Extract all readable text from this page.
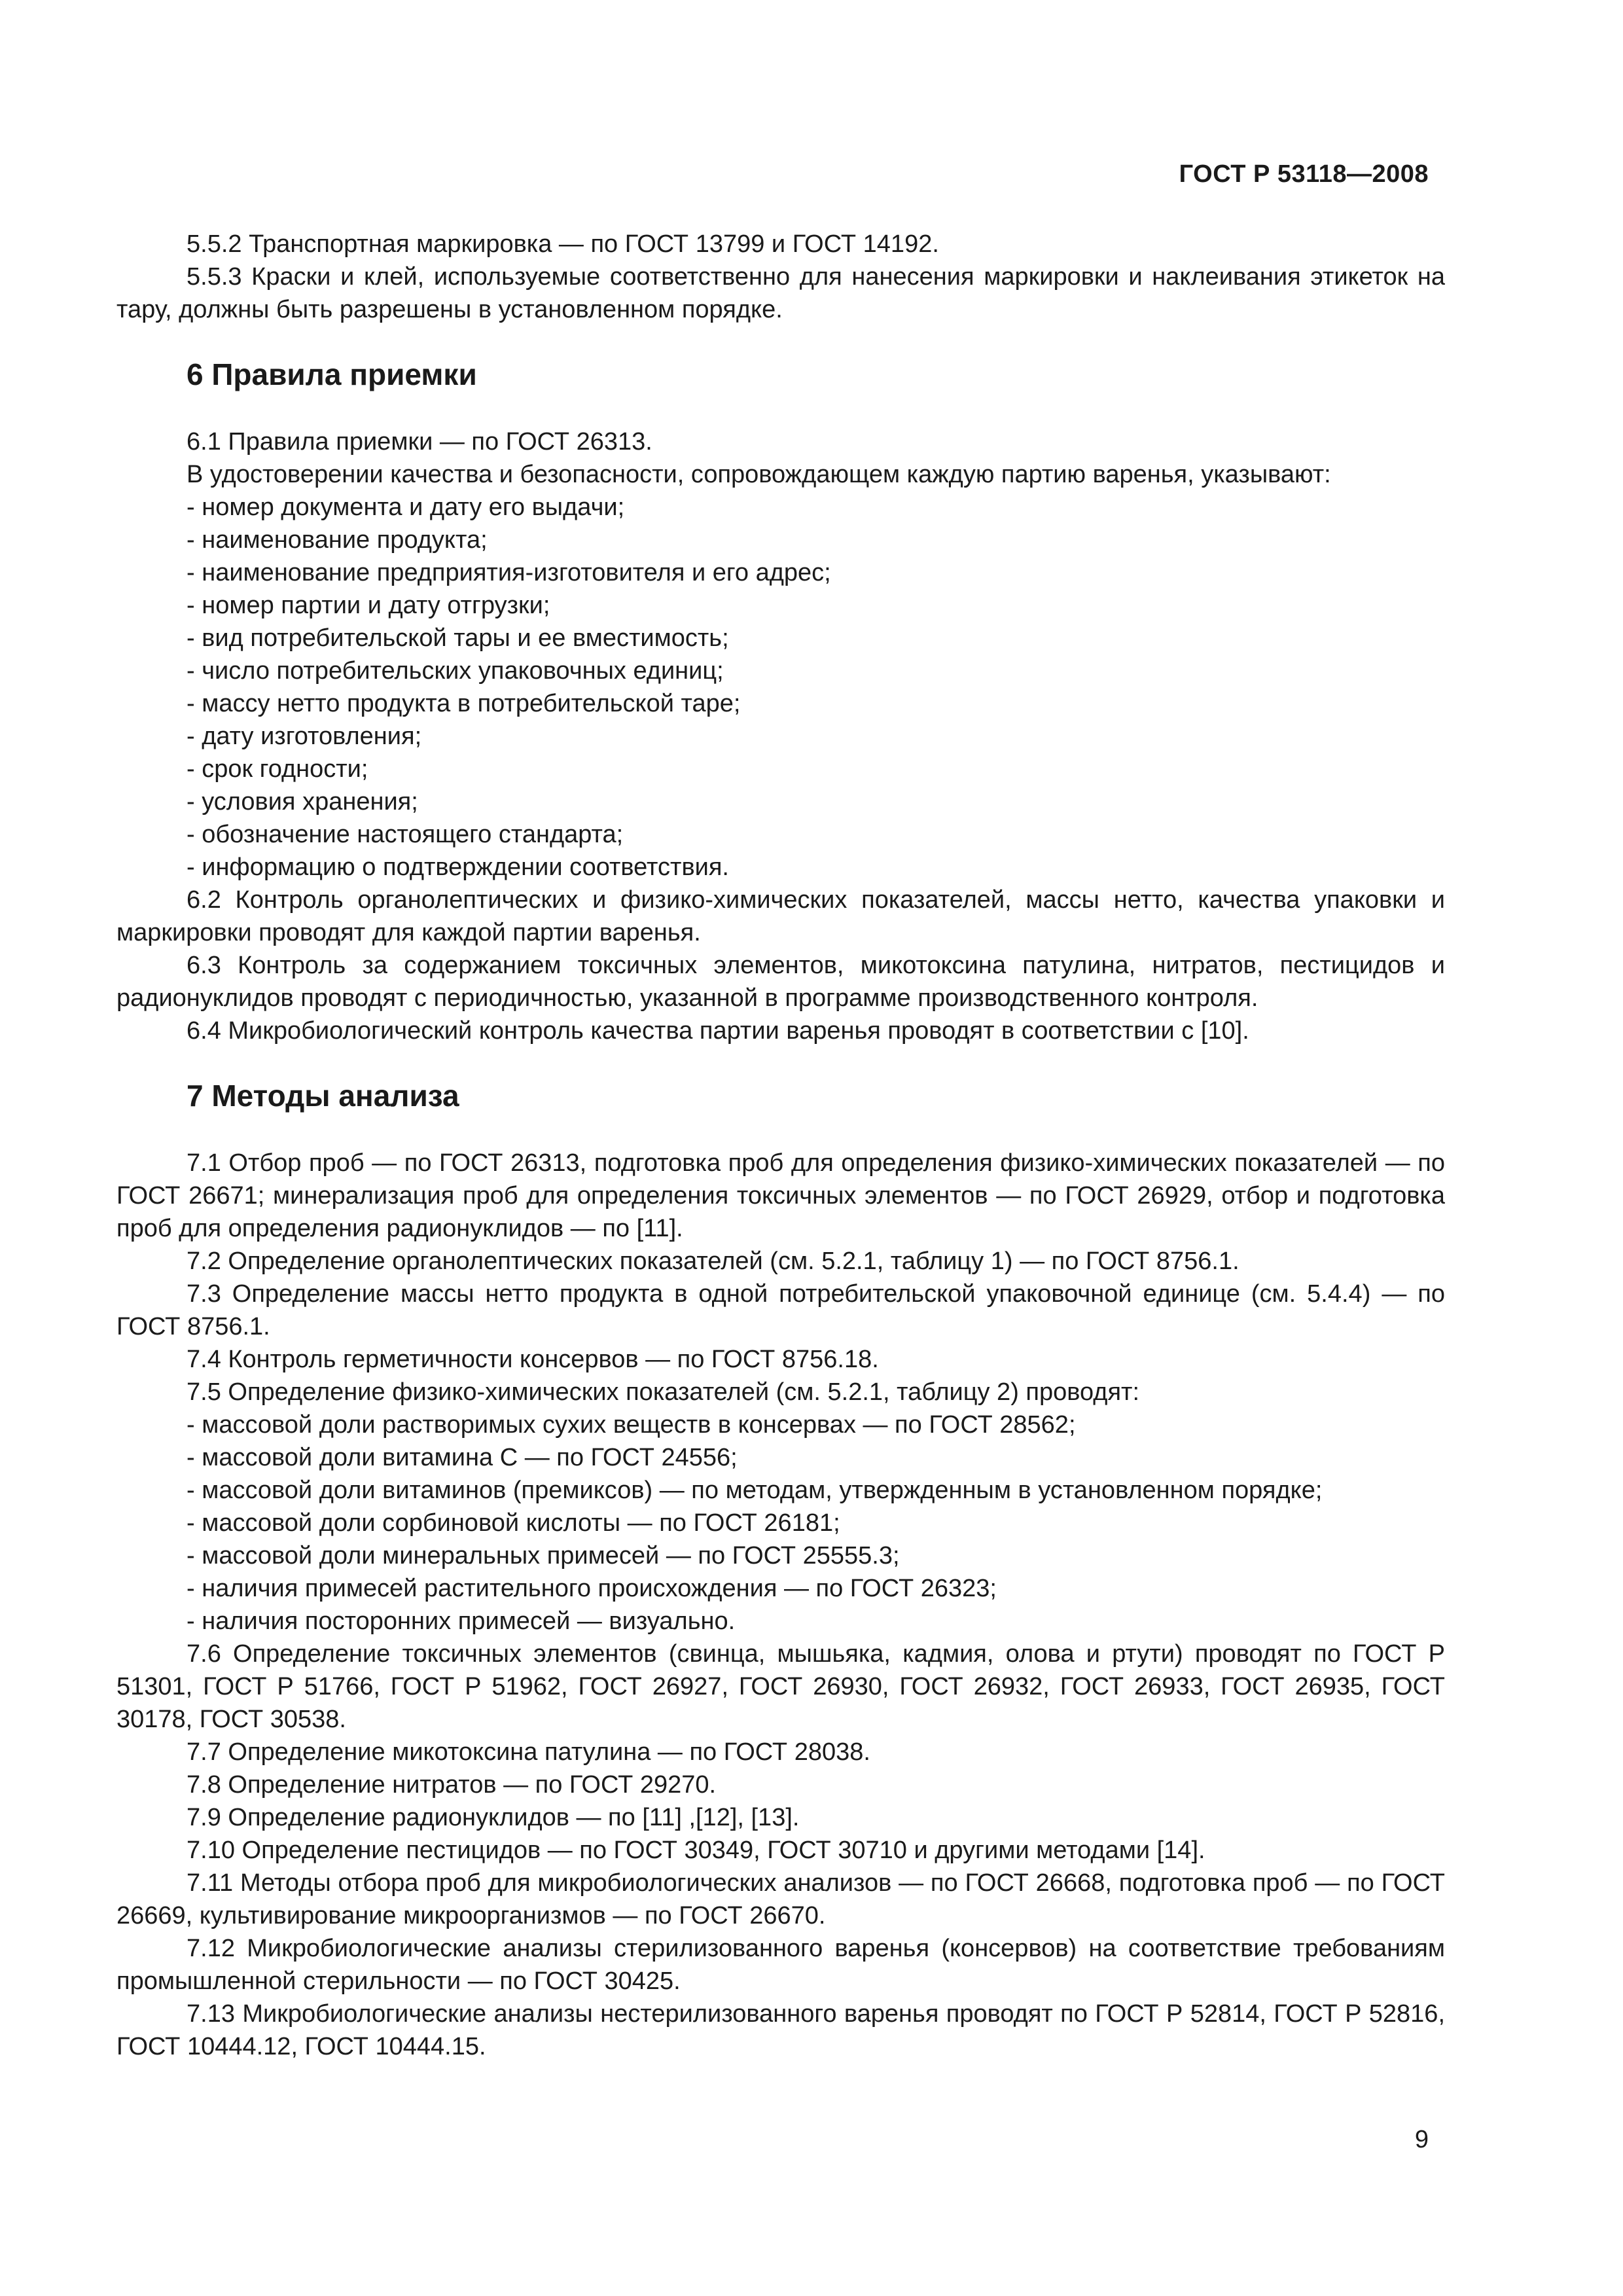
ГОСТ Р 53118—2008

5.5.2 Транспортная маркировка — по ГОСТ 13799 и ГОСТ 14192.

5.5.3 Краски и клей, используемые соответственно для нанесения маркировки и наклеивания этикеток на тару, должны быть разрешены в установленном порядке.

6 Правила приемки

6.1 Правила приемки — по ГОСТ 26313.

В удостоверении качества и безопасности, сопровождающем каждую партию варенья, указывают:

- номер документа и дату его выдачи;

- наименование продукта;

- наименование предприятия-изготовителя и его адрес;

- номер партии и дату отгрузки;

- вид потребительской тары и ее вместимость;

- число потребительских упаковочных единиц;

- массу нетто продукта в потребительской таре;

- дату изготовления;

- срок годности;

- условия хранения;

- обозначение настоящего стандарта;

- информацию о подтверждении соответствия.

6.2 Контроль органолептических и физико-химических показателей, массы нетто, качества упаковки и маркировки проводят для каждой партии варенья.

6.3 Контроль за содержанием токсичных элементов, микотоксина патулина, нитратов, пестицидов и радионуклидов проводят с периодичностью, указанной в программе производственного контроля.

6.4 Микробиологический контроль качества партии варенья проводят в соответствии с [10].

7 Методы анализа

7.1 Отбор проб — по ГОСТ 26313, подготовка проб для определения физико-химических показателей — по ГОСТ 26671; минерализация проб для определения токсичных элементов — по ГОСТ 26929, отбор и подготовка проб для определения радионуклидов — по [11].

7.2 Определение органолептических показателей (см. 5.2.1, таблицу 1) — по ГОСТ 8756.1.

7.3 Определение массы нетто продукта в одной потребительской упаковочной единице (см. 5.4.4) — по ГОСТ 8756.1.

7.4 Контроль герметичности консервов — по ГОСТ 8756.18.

7.5 Определение физико-химических показателей (см. 5.2.1, таблицу 2) проводят:

- массовой доли растворимых сухих веществ в консервах — по ГОСТ 28562;

- массовой доли витамина С — по ГОСТ 24556;

- массовой доли витаминов (премиксов) — по методам, утвержденным в установленном порядке;

- массовой доли сорбиновой кислоты — по ГОСТ 26181;

- массовой доли минеральных примесей — по ГОСТ 25555.3;

- наличия примесей растительного происхождения — по ГОСТ 26323;

- наличия посторонних примесей — визуально.

7.6 Определение токсичных элементов (свинца, мышьяка, кадмия, олова и ртути) проводят по ГОСТ Р 51301, ГОСТ Р 51766, ГОСТ Р 51962, ГОСТ 26927, ГОСТ 26930, ГОСТ 26932, ГОСТ 26933, ГОСТ 26935, ГОСТ 30178, ГОСТ 30538.

7.7 Определение микотоксина патулина — по ГОСТ 28038.

7.8 Определение нитратов — по ГОСТ 29270.

7.9 Определение радионуклидов — по [11] ,[12], [13].

7.10 Определение пестицидов — по ГОСТ 30349, ГОСТ 30710 и другими методами [14].

7.11 Методы отбора проб для микробиологических анализов — по ГОСТ 26668, подготовка проб — по ГОСТ 26669, культивирование микроорганизмов — по ГОСТ 26670.

7.12 Микробиологические анализы стерилизованного варенья (консервов) на соответствие требованиям промышленной стерильности — по ГОСТ 30425.

7.13 Микробиологические анализы нестерилизованного варенья проводят по ГОСТ Р 52814, ГОСТ Р 52816, ГОСТ 10444.12, ГОСТ 10444.15.

9
